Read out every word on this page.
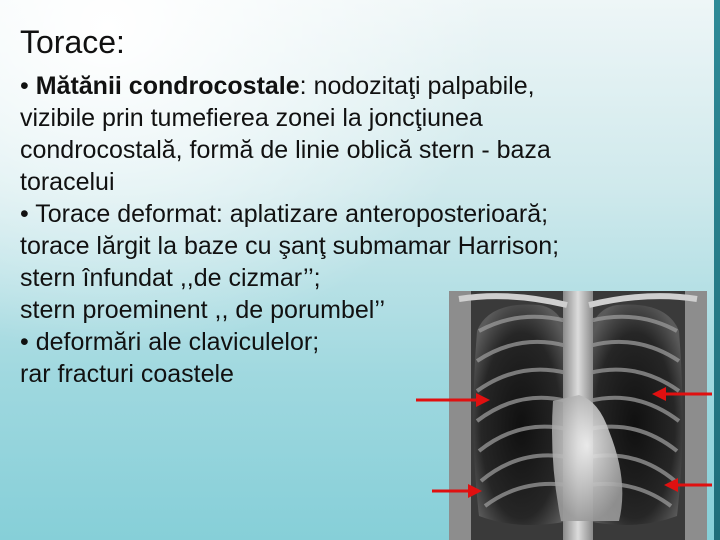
Torace:
• Mătănii condrocostale: nodozitaţi palpabile,
vizibile prin tumefierea zonei la joncţiunea
condrocostală, formă de linie oblică stern - baza
toracelui
• Torace deformat: aplatizare anteroposterioară;
torace lărgit la baze cu şanţ submamar Harrison;
stern înfundat ,,de cizmar’’;
stern proeminent ,, de porumbel’’
• deformări ale claviculelor;
rar fracturi coastele
